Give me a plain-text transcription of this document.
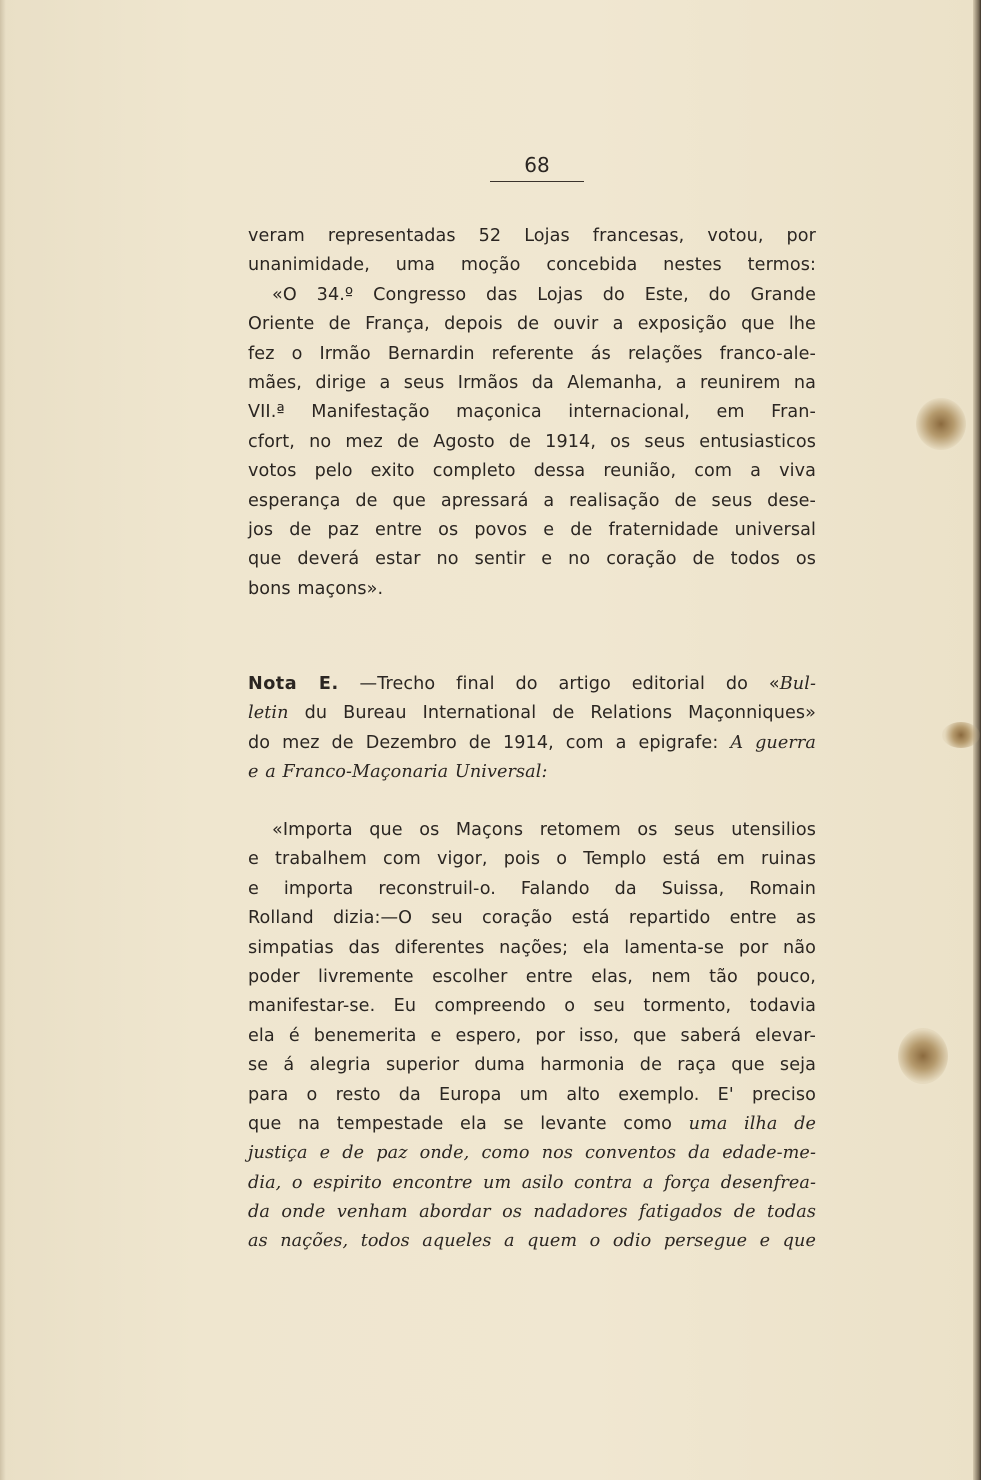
68
veram representadas 52 Lojas francesas, votou, por
unanimidade, uma moção concebida nestes termos:
«O 34.º Congresso das Lojas do Este, do Grande
Oriente de França, depois de ouvir a exposição que lhe
fez o Irmão Bernardin referente ás relações franco-ale-
mães, dirige a seus Irmãos da Alemanha, a reunirem na
VII.ª Manifestação maçonica internacional, em Fran-
cfort, no mez de Agosto de 1914, os seus entusiasticos
votos pelo exito completo dessa reunião, com a viva
esperança de que apressará a realisação de seus dese-
jos de paz entre os povos e de fraternidade universal
que deverá estar no sentir e no coração de todos os
bons maçons».
Nota E. —Trecho final do artigo editorial do «Bul-
letin du Bureau International de Relations Maçonniques»
do mez de Dezembro de 1914, com a epigrafe: A guerra
e a Franco-Maçonaria Universal:
«Importa que os Maçons retomem os seus utensilios
e trabalhem com vigor, pois o Templo está em ruinas
e importa reconstruil-o. Falando da Suissa, Romain
Rolland dizia:—O seu coração está repartido entre as
simpatias das diferentes nações; ela lamenta-se por não
poder livremente escolher entre elas, nem tão pouco,
manifestar-se. Eu compreendo o seu tormento, todavia
ela é benemerita e espero, por isso, que saberá elevar-
se á alegria superior duma harmonia de raça que seja
para o resto da Europa um alto exemplo. E' preciso
que na tempestade ela se levante como uma ilha de
justiça e de paz onde, como nos conventos da edade-me-
dia, o espirito encontre um asilo contra a força desenfrea-
da onde venham abordar os nadadores fatigados de todas
as nações, todos aqueles a quem o odio persegue e que
